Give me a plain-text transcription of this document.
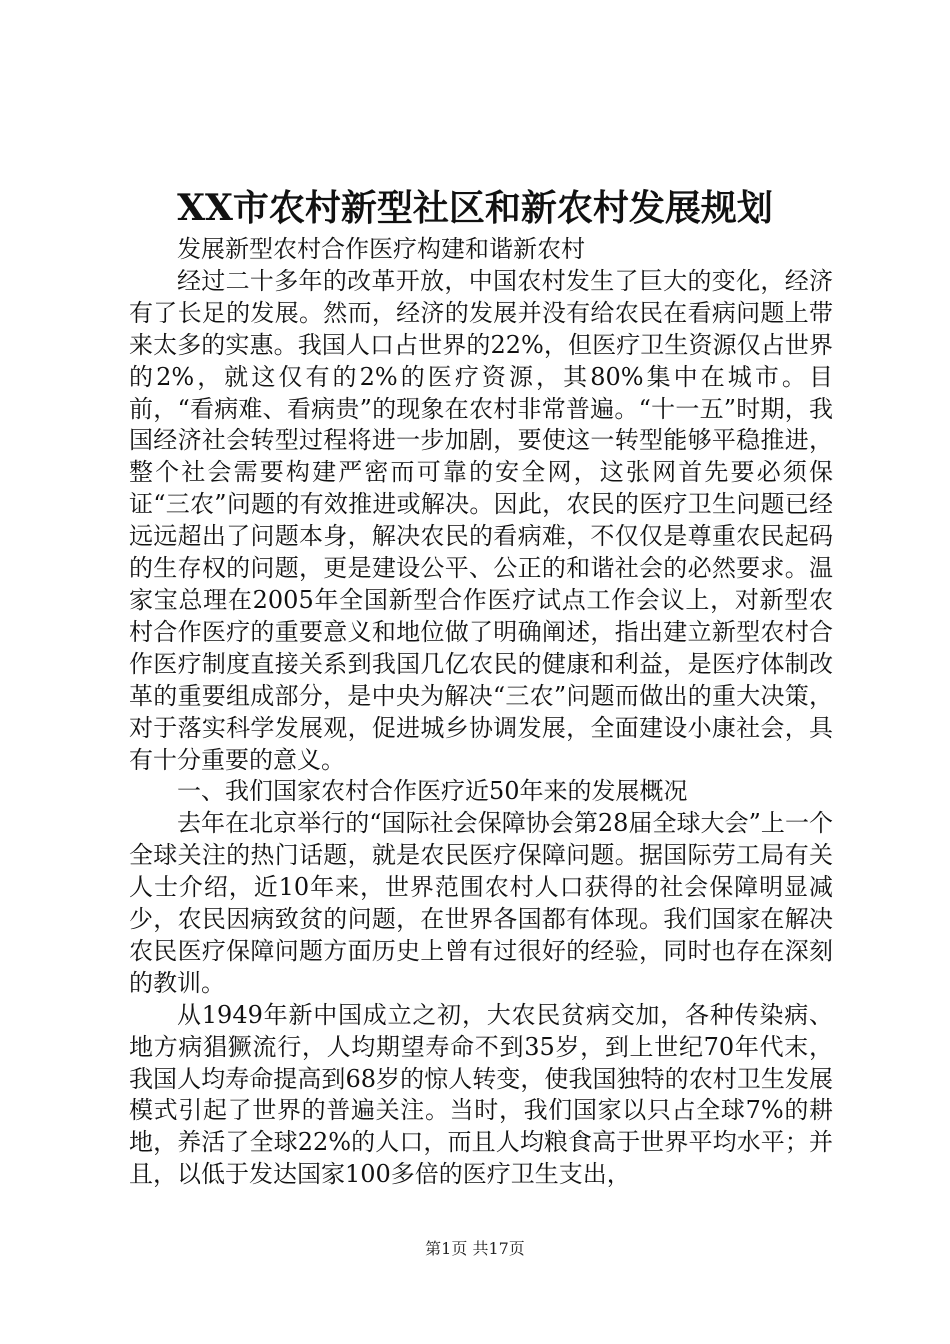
XX市农村新型社区和新农村发展规划

发展新型农村合作医疗构建和谐新农村

经过二十多年的改革开放，中国农村发生了巨大的变化，经济有了长足的发展。然而，经济的发展并没有给农民在看病问题上带来太多的实惠。我国人口占世界的22%，但医疗卫生资源仅占世界的2%，就这仅有的2%的医疗资源，其80%集中在城市。目前，“看病难、看病贵”的现象在农村非常普遍。“十一五”时期，我国经济社会转型过程将进一步加剧，要使这一转型能够平稳推进，整个社会需要构建严密而可靠的安全网，这张网首先要必须保证“三农”问题的有效推进或解决。因此，农民的医疗卫生问题已经远远超出了问题本身，解决农民的看病难，不仅仅是尊重农民起码的生存权的问题，更是建设公平、公正的和谐社会的必然要求。温家宝总理在2005年全国新型合作医疗试点工作会议上，对新型农村合作医疗的重要意义和地位做了明确阐述，指出建立新型农村合作医疗制度直接关系到我国几亿农民的健康和利益，是医疗体制改革的重要组成部分，是中央为解决“三农”问题而做出的重大决策，对于落实科学发展观，促进城乡协调发展，全面建设小康社会，具有十分重要的意义。

一、我们国家农村合作医疗近50年来的发展概况

去年在北京举行的“国际社会保障协会第28届全球大会”上一个全球关注的热门话题，就是农民医疗保障问题。据国际劳工局有关人士介绍，近10年来，世界范围农村人口获得的社会保障明显减少，农民因病致贫的问题，在世界各国都有体现。我们国家在解决农民医疗保障问题方面历史上曾有过很好的经验，同时也存在深刻的教训。

从1949年新中国成立之初，大农民贫病交加，各种传染病、地方病猖獗流行，人均期望寿命不到35岁，到上世纪70年代末，我国人均寿命提高到68岁的惊人转变，使我国独特的农村卫生发展模式引起了世界的普遍关注。当时，我们国家以只占全球7%的耕地，养活了全球22%的人口，而且人均粮食高于世界平均水平；并且，以低于发达国家100多倍的医疗卫生支出，

第1页 共17页
